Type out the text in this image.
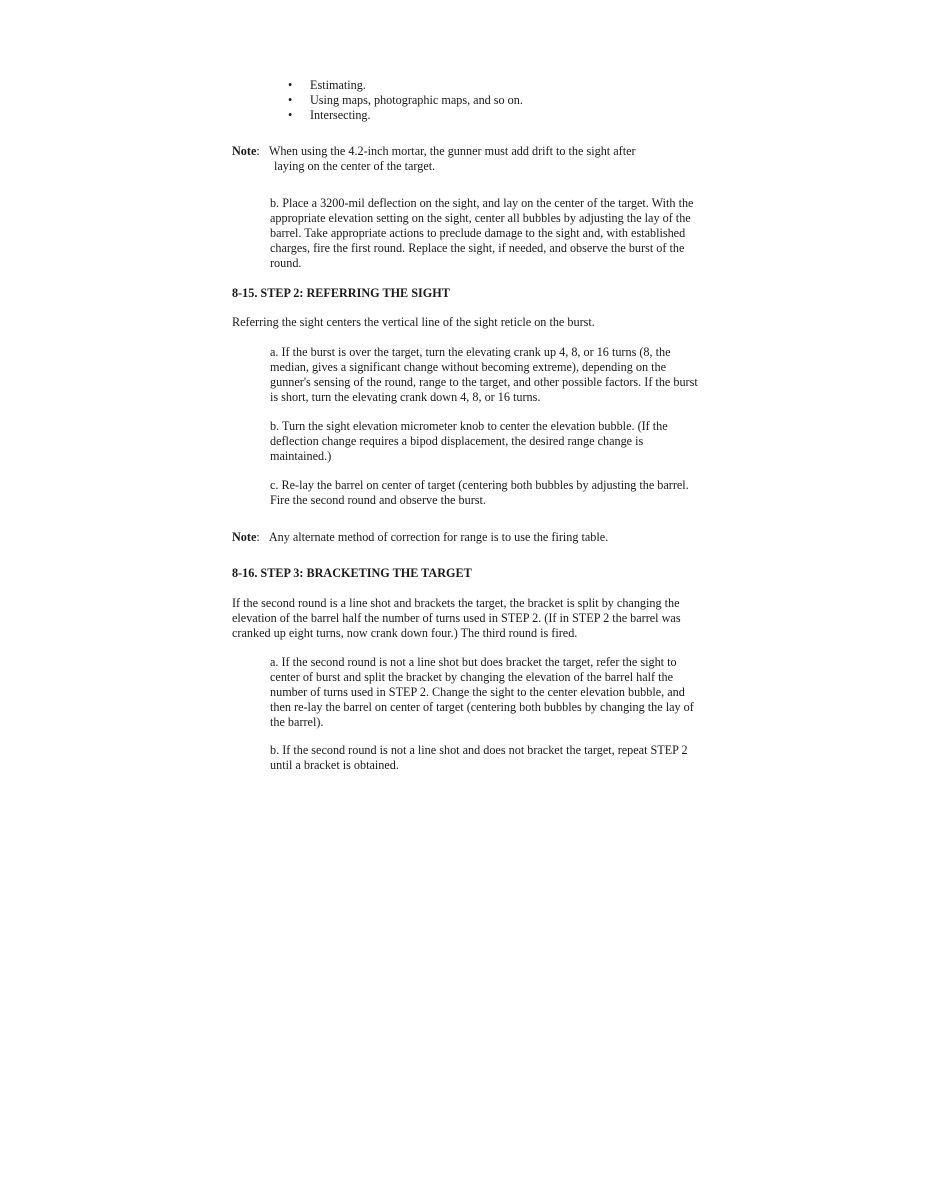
• Estimating.
• Using maps, photographic maps, and so on.
• Intersecting.
Note: When using the 4.2-inch mortar, the gunner must add drift to the sight after
laying on the center of the target.

b. Place a 3200-mil deflection on the sight, and lay on the center of the target. With the appropriate elevation setting on the sight, center all bubbles by adjusting the lay of the barrel. Take appropriate actions to preclude damage to the sight and, with established charges, fire the first round. Replace the sight, if needed, and observe the burst of the round.

8-15. STEP 2: REFERRING THE SIGHT

Referring the sight centers the vertical line of the sight reticle on the burst.

a. If the burst is over the target, turn the elevating crank up 4, 8, or 16 turns (8, the median, gives a significant change without becoming extreme), depending on the gunner's sensing of the round, range to the target, and other possible factors. If the burst is short, turn the elevating crank down 4, 8, or 16 turns.

b. Turn the sight elevation micrometer knob to center the elevation bubble. (If the deflection change requires a bipod displacement, the desired range change is maintained.)

c. Re-lay the barrel on center of target (centering both bubbles by adjusting the barrel. Fire the second round and observe the burst.

Note: Any alternate method of correction for range is to use the firing table.
8-16. STEP 3: BRACKETING THE TARGET

If the second round is a line shot and brackets the target, the bracket is split by changing the elevation of the barrel half the number of turns used in STEP 2. (If in STEP 2 the barrel was cranked up eight turns, now crank down four.) The third round is fired.

a. If the second round is not a line shot but does bracket the target, refer the sight to center of burst and split the bracket by changing the elevation of the barrel half the number of turns used in STEP 2. Change the sight to the center elevation bubble, and then re-lay the barrel on center of target (centering both bubbles by changing the lay of the barrel).

b. If the second round is not a line shot and does not bracket the target, repeat STEP 2 until a bracket is obtained.
